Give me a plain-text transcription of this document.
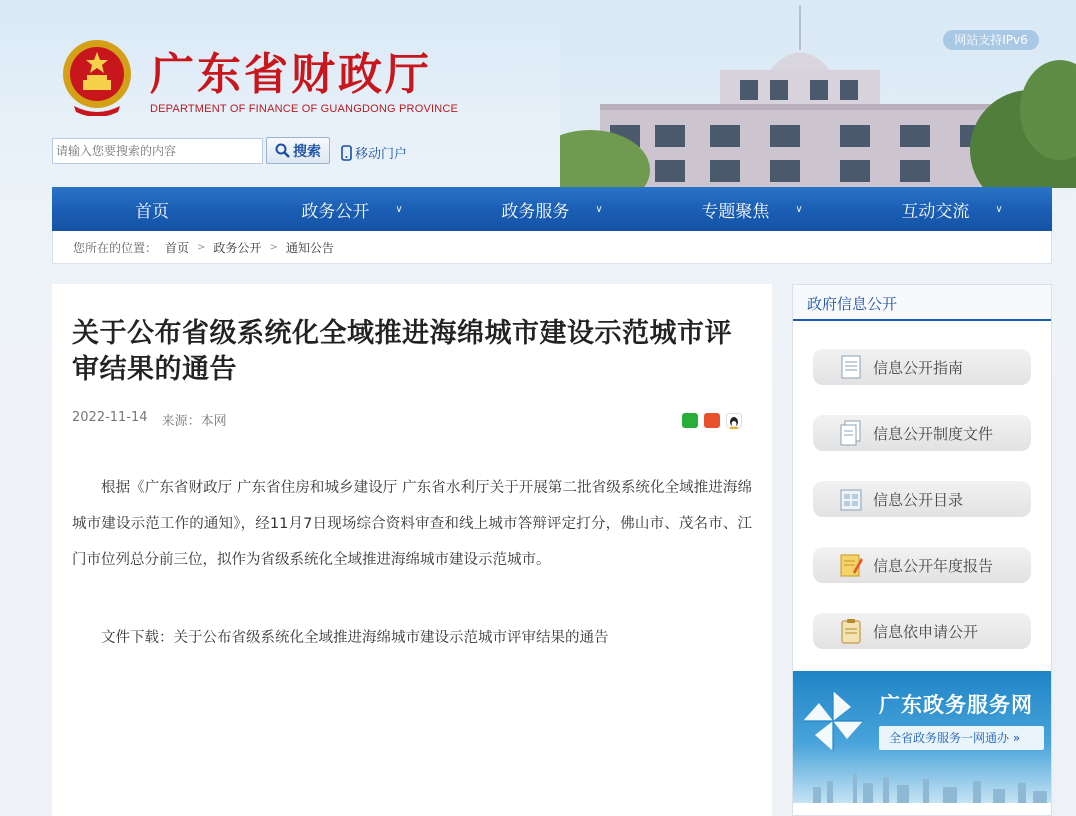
网站支持IPv6
广东省财政厅
DEPARTMENT OF FINANCE OF GUANGDONG PROVINCE
请输入您要搜索的内容
搜索	移动门户
首页	政务公开	∨	政务服务	∨	专题聚焦	∨	互动交流	∨
您所在的位置： 首页 > 政务公开 > 通知公告
关于公布省级系统化全域推进海绵城市建设示范城市评审结果的通告
2022-11-14 来源：本网

根据《广东省财政厅 广东省住房和城乡建设厅 广东省水利厅关于开展第二批省级系统化全域推进海绵城市建设示范工作的通知》，经11月7日现场综合资料审查和线上城市答辩评定打分，佛山市、茂名市、江门市位列总分前三位，拟作为省级系统化全域推进海绵城市建设示范城市。

文件下载：关于公布省级系统化全域推进海绵城市建设示范城市评审结果的通告

政府信息公开
信息公开指南
信息公开制度文件
信息公开目录
信息公开年度报告
信息依申请公开
广东政务服务网
全省政务服务一网通办 »
